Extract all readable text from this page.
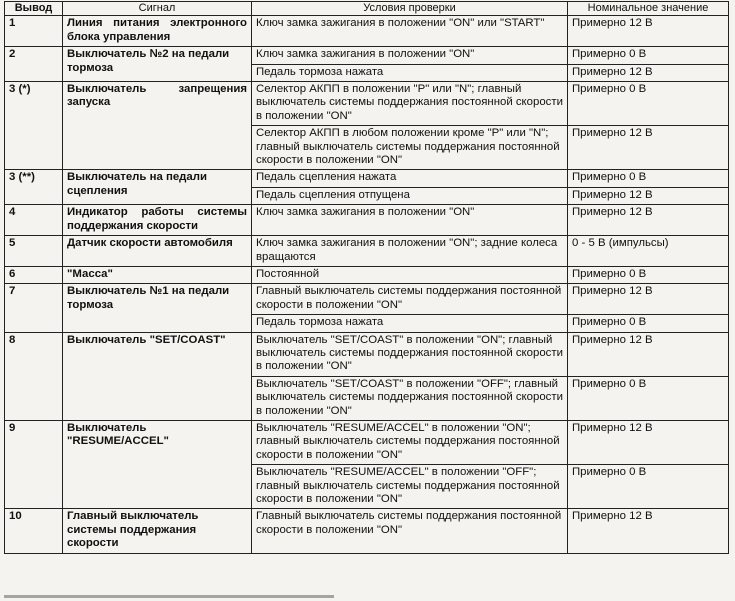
Вывод	Сигнал	Условия проверки	Номинальное значение
1	Линия питания электронного блока управления	Ключ замка зажигания в положении "ON" или "START"	Примерно 12 В
2	Выключатель №2 на педали тормоза	Ключ замка зажигания в положении "ON"	Примерно 0 В
		Педаль тормоза нажата	Примерно 12 В
3 (*)	Выключатель запрещения запуска	Селектор АКПП в положении "P" или "N"; главный выключатель системы поддержания постоянной скорости в положении "ON"	Примерно 0 В
		Селектор АКПП в любом положении кроме "P" или "N"; главный выключатель системы поддержания постоянной скорости в положении "ON"	Примерно 12 В
3 (**)	Выключатель на педали сцепления	Педаль сцепления нажата	Примерно 0 В
		Педаль сцепления отпущена	Примерно 12 В
4	Индикатор работы системы поддержания скорости	Ключ замка зажигания в положении "ON"	Примерно 12 В
5	Датчик скорости автомобиля	Ключ замка зажигания в положении "ON"; задние колеса вращаются	0 - 5 В (импульсы)
6	"Масса"	Постоянной	Примерно 0 В
7	Выключатель №1 на педали тормоза	Главный выключатель системы поддержания постоянной скорости в положении "ON"	Примерно 12 В
		Педаль тормоза нажата	Примерно 0 В
8	Выключатель "SET/COAST"	Выключатель "SET/COAST" в положении "ON"; главный выключатель системы поддержания постоянной скорости в положении "ON"	Примерно 12 В
		Выключатель "SET/COAST" в положении "OFF"; главный выключатель системы поддержания постоянной скорости в положении "ON"	Примерно 0 В
9	Выключатель "RESUME/ACCEL"	Выключатель "RESUME/ACCEL" в положении "ON"; главный выключатель системы поддержания постоянной скорости в положении "ON"	Примерно 12 В
		Выключатель "RESUME/ACCEL" в положении "OFF"; главный выключатель системы поддержания постоянной скорости в положении "ON"	Примерно 0 В
10	Главный выключатель системы поддержания скорости	Главный выключатель системы поддержания постоянной скорости в положении "ON"	Примерно 12 В
